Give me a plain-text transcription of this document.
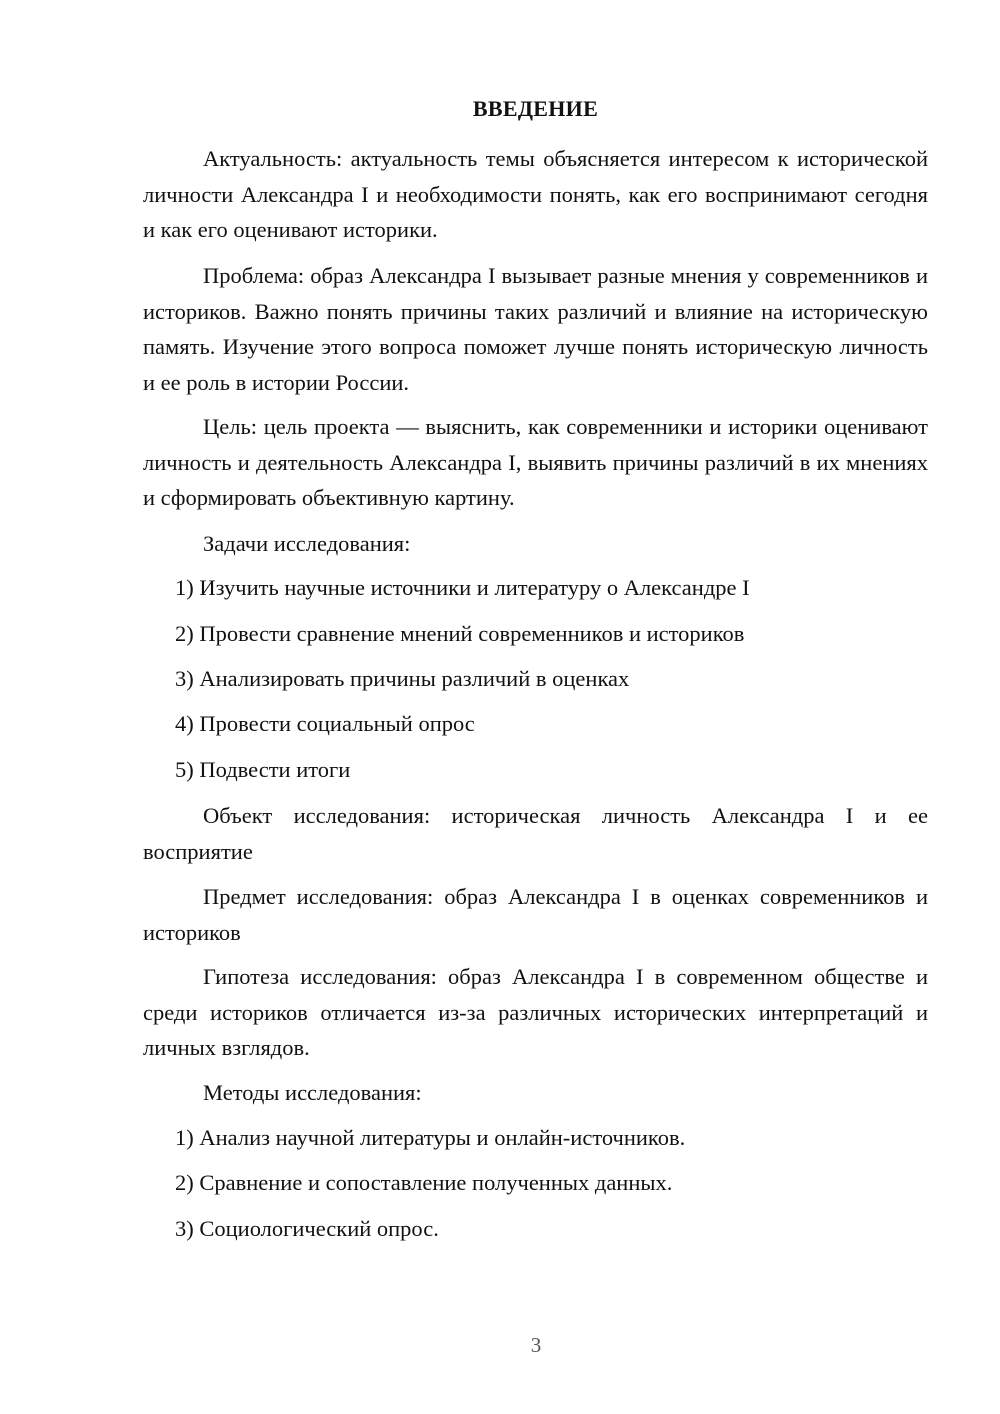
ВВЕДЕНИЕ

Актуальность: актуальность темы объясняется интересом к исторической личности Александра I и необходимости понять, как его воспринимают сегодня и как его оценивают историки.

Проблема: образ Александра I вызывает разные мнения у современников и историков. Важно понять причины таких различий и влияние на историческую память. Изучение этого вопроса поможет лучше понять историческую личность и ее роль в истории России.

Цель: цель проекта — выяснить, как современники и историки оценивают личность и деятельность Александра I, выявить причины различий в их мнениях и сформировать объективную картину.

Задачи исследования:

1) Изучить научные источники и литературу о Александре I

2) Провести сравнение мнений современников и историков

3) Анализировать причины различий в оценках

4) Провести социальный опрос

5) Подвести итоги

Объект исследования: историческая личность Александра I и ее восприятие

Предмет исследования: образ Александра I в оценках современников и историков

Гипотеза исследования: образ Александра I в современном обществе и среди историков отличается из-за различных исторических интерпретаций и личных взглядов.

Методы исследования:

1) Анализ научной литературы и онлайн-источников.

2) Сравнение и сопоставление полученных данных.

3) Социологический опрос.

3
